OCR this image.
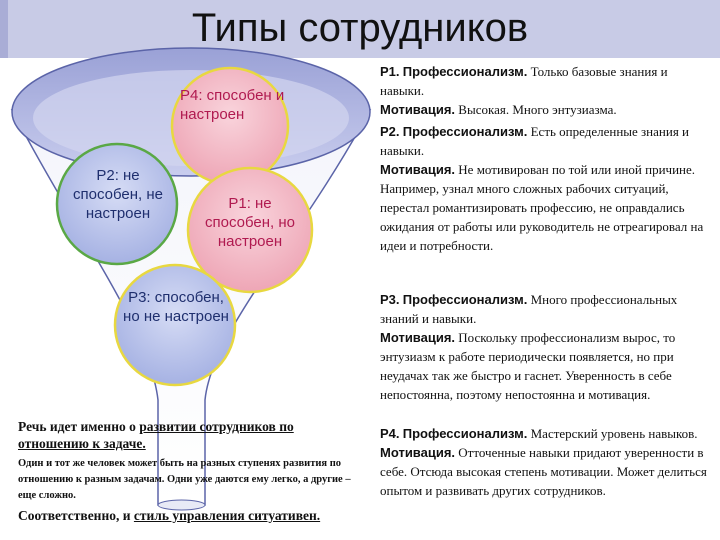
Типы сотрудников
Р4: способен и настроен
Р2: не способен, не настроен
Р1: не способен, но настроен
Р3: способен, но не настроен
Речь идет именно о развитии сотрудников по отношению к задаче.
Один и тот же человек может быть на разных ступенях развития по отношению к разным задачам. Одни уже даются ему легко, а другие – еще сложно.
Соответственно, и стиль управления ситуативен.

Р1. Профессионализм. Только базовые знания и навыки.

Мотивация. Высокая. Много энтузиазма.

Р2. Профессионализм. Есть определенные знания и навыки.

Мотивация. Не мотивирован по той или иной причине. Например, узнал много сложных рабочих ситуаций, перестал романтизировать профессию, не оправдались ожидания от работы или руководитель не отреагировал на идеи и потребности.

Р3. Профессионализм. Много профессиональных знаний и навыки.

Мотивация. Поскольку профессионализм вырос, то энтузиазм к работе периодически появляется, но при неудачах так же быстро и гаснет. Уверенность в себе непостоянна, поэтому непостоянна и мотивация.

Р4. Профессионализм. Мастерский уровень навыков.

Мотивация. Отточенные навыки придают уверенности в себе. Отсюда высокая степень мотивации. Может делиться опытом и развивать других сотрудников.
